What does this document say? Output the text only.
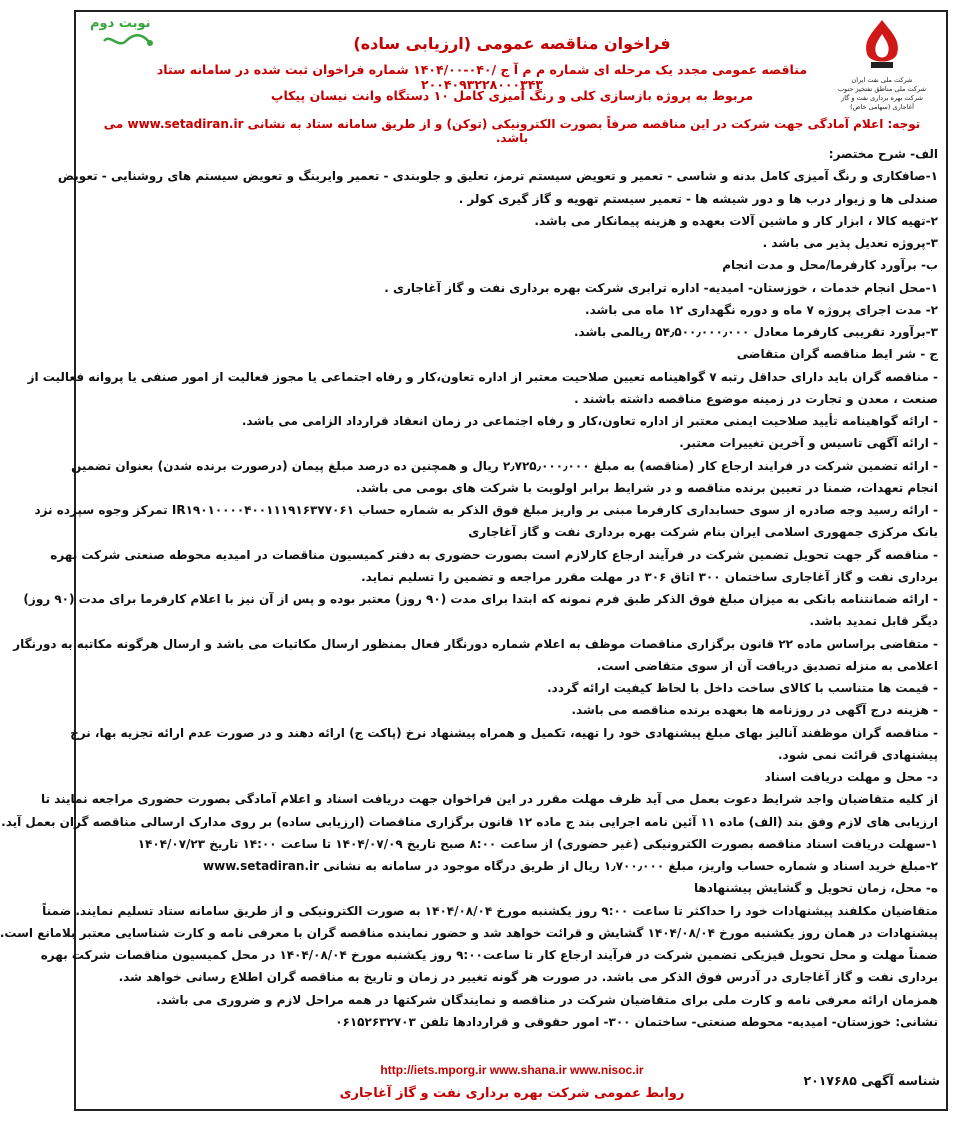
نوبت دوم
شرکت ملی نفت ایران
شرکت ملی مناطق نفتخیز جنوب
شرکت بهره برداری نفت و گاز
آغاجاری (سهامی خاص)
فراخوان مناقصه عمومی (ارزیابی ساده)
مناقصه عمومی مجدد یک مرحله ای شماره م م آ ج /۰۴۰-۱۴۰۴/۰۰ شماره فراخوان ثبت شده در سامانه ستاد ۲۰۰۴۰۹۳۲۲۸۰۰۰۳۴۳
مربوط به پروژه بازسازی کلی و رنگ آمیزی کامل ۱۰ دستگاه وانت نیسان پیکاپ
توجه: اعلام آمادگی جهت شرکت در این مناقصه صرفاً بصورت الکترونیکی (توکن) و از طریق سامانه ستاد به نشانی www.setadiran.ir می باشد.
الف- شرح مختصر:
۱-صافکاری و رنگ آمیزی کامل بدنه و شاسی - تعمیر و تعویض سیستم ترمز، تعلیق و جلوبندی - تعمیر وایرینگ و تعویض سیستم های روشنایی - تعویض
صندلی ها و زیوار درب ها و دور شیشه ها - تعمیر سیستم تهویه و گاز گیری کولر .
۲-تهیه کالا ، ابزار کار و ماشین آلات بعهده و هزینه پیمانکار می باشد.
۳-پروژه تعدیل پذیر می باشد .
ب- برآورد کارفرما/محل و مدت انجام
۱-محل انجام خدمات ، خوزستان- امیدیه- اداره ترابری شرکت بهره برداری نفت و گاز آغاجاری .
۲- مدت اجرای پروژه ۷ ماه و دوره نگهداری ۱۲ ماه می باشد.
۳-برآورد تقریبی کارفرما معادل ۵۴٫۵۰۰٫۰۰۰٫۰۰۰ ریالمی باشد.
ج - شر ایط مناقصه گران متقاضی
- مناقصه گران باید دارای حداقل رتبه ۷ گواهینامه تعیین صلاحیت معتبر از اداره تعاون،کار و رفاه اجتماعی یا مجوز فعالیت از امور صنفی یا پروانه فعالیت از
صنعت ، معدن و تجارت در زمینه موضوع مناقصه داشته باشند .
- ارائه گواهینامه تأیید صلاحیت ایمنی معتبر از اداره تعاون،کار و رفاه اجتماعی در زمان انعقاد قرارداد الزامی می باشد.
- ارائه آگهی تاسیس و آخرین تغییرات معتبر.
- ارائه تضمین شرکت در فرایند ارجاع کار (مناقصه) به مبلغ ۲٫۷۲۵٫۰۰۰٫۰۰۰ ریال و همچنین ده درصد مبلغ پیمان (درصورت برنده شدن) بعنوان تضمین
انجام تعهدات، ضمنا در تعیین برنده مناقصه و در شرایط برابر اولویت با شرکت های بومی می باشد.
- ارائه رسید وجه صادره از سوی حسابداری کارفرما مبنی بر واریز مبلغ فوق الذکر به شماره حساب IR۱۹۰۱۰۰۰۰۴۰۰۱۱۱۹۱۶۳۷۷۰۶۱ تمرکز وجوه سپرده نزد
بانک مرکزی جمهوری اسلامی ایران بنام شرکت بهره برداری نفت و گاز آغاجاری
- مناقصه گر جهت تحویل تضمین شرکت در فرآیند ارجاع کارلازم است بصورت حضوری به دفتر کمیسیون مناقصات در امیدیه محوطه صنعتی شرکت بهره
برداری نفت و گاز آغاجاری ساختمان ۳۰۰ اتاق ۳۰۶ در مهلت مقرر مراجعه و تضمین را تسلیم نماید.
- ارائه ضمانتنامه بانکی به میزان مبلغ فوق الذکر طبق فرم نمونه که ابتدا برای مدت (۹۰ روز) معتبر بوده و پس از آن نیز با اعلام کارفرما برای مدت (۹۰ روز)
دیگر قابل تمدید باشد.
- متقاضی براساس ماده ۲۲ قانون برگزاری مناقصات موظف به اعلام شماره دورنگار فعال بمنظور ارسال مکاتبات می باشد و ارسال هرگونه مکاتبه به دورنگار
اعلامی به منزله تصدیق دریافت آن از سوی متقاضی است.
- قیمت ها متناسب با کالای ساخت داخل با لحاظ کیفیت ارائه گردد.
- هزینه درج آگهی در روزنامه ها بعهده برنده مناقصه می باشد.
- مناقصه گران موظفند آنالیز بهای مبلغ پیشنهادی خود را تهیه، تکمیل و همراه پیشنهاد نرخ (پاکت ج) ارائه دهند و در صورت عدم ارائه تجزیه بها، نرخ
پیشنهادی قرائت نمی شود.
د- محل و مهلت دریافت اسناد
از کلیه متقاضیان واجد شرایط دعوت بعمل می آید ظرف مهلت مقرر در این فراخوان جهت دریافت اسناد و اعلام آمادگی بصورت حضوری مراجعه نمایند تا
ارزیابی های لازم وفق بند (الف) ماده ۱۱ آئین نامه اجرایی بند ج ماده ۱۲ قانون برگزاری مناقصات (ارزیابی ساده) بر روی مدارک ارسالی مناقصه گران بعمل آید.
۱-سهلت دریافت اسناد مناقصه بصورت الکترونیکی (غیر حضوری) از ساعت ۸:۰۰ صبح تاریخ ۱۴۰۴/۰۷/۰۹ تا ساعت ۱۴:۰۰ تاریخ ۱۴۰۴/۰۷/۲۳
۲-مبلغ خرید اسناد و شماره حساب واریز، مبلغ ۱٫۷۰۰٫۰۰۰ ریال از طریق درگاه موجود در سامانه به نشانی www.setadiran.ir
ه- محل، زمان تحویل و گشایش پیشنهادها
متقاضیان مکلفند پیشنهادات خود را حداکثر تا ساعت ۹:۰۰ روز یکشنبه مورخ ۱۴۰۴/۰۸/۰۴ به صورت الکترونیکی و از طریق سامانه ستاد تسلیم نمایند. ضمناً
پیشنهادات در همان روز یکشنبه مورخ ۱۴۰۴/۰۸/۰۴ گشایش و قرائت خواهد شد و حضور نماینده مناقصه گران با معرفی نامه و کارت شناسایی معتبر بلامانع است.
ضمناً مهلت و محل تحویل فیزیکی تضمین شرکت در فرآیند ارجاع کار تا ساعت۹:۰۰ روز یکشنبه مورخ ۱۴۰۴/۰۸/۰۴ در محل کمیسیون مناقصات شرکت بهره
برداری نفت و گاز آغاجاری در آدرس فوق الذکر می باشد. در صورت هر گونه تغییر در زمان و تاریخ به مناقصه گران اطلاع رسانی خواهد شد.
همزمان ارائه معرفی نامه و کارت ملی برای متقاضیان شرکت در مناقصه و نمایندگان شرکتها در همه مراحل لازم و ضروری می باشد.
نشانی: خوزستان- امیدیه- محوطه صنعتی- ساختمان ۳۰۰- امور حقوقی و قراردادها تلفن ۰۶۱۵۲۶۳۲۷۰۳
http://iets.mporg.ir www.shana.ir www.nisoc.ir
شناسه آگهی ۲۰۱۷۶۸۵
روابط عمومی شرکت بهره برداری نفت و گاز آغاجاری
